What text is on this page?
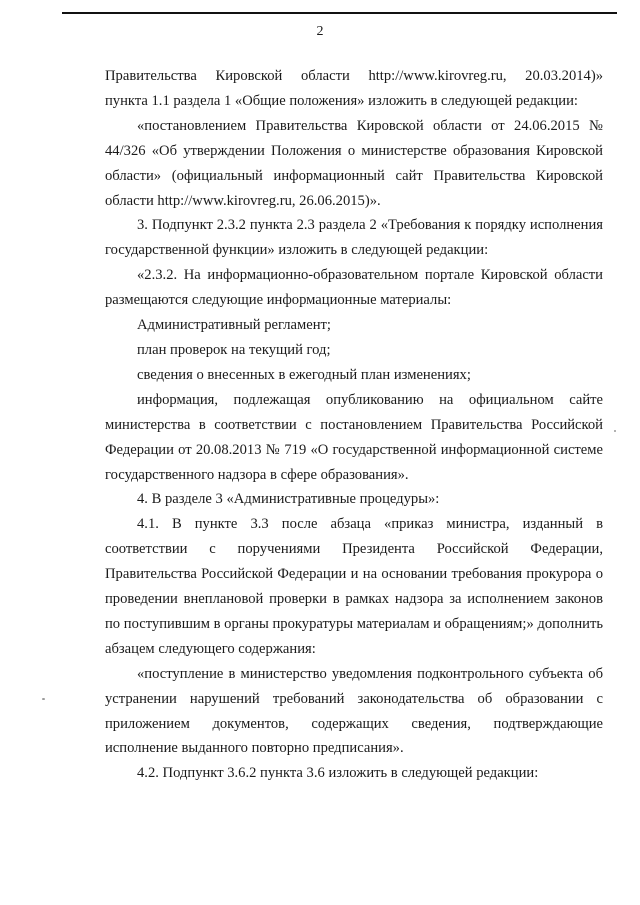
2

Правительства Кировской области http://www.kirovreg.ru, 20.03.2014)»

пункта 1.1 раздела 1 «Общие положения» изложить в следующей редакции:

«постановлением Правительства Кировской области от 24.06.2015 № 44/326 «Об утверждении Положения о министерстве образования Кировской области» (официальный информационный сайт Правительства Кировской области http://www.kirovreg.ru, 26.06.2015)».

3. Подпункт 2.3.2 пункта 2.3 раздела 2 «Требования к порядку исполнения государственной функции» изложить в следующей редакции:

«2.3.2. На информационно-образовательном портале Кировской области размещаются следующие информационные материалы:

Административный регламент;

план проверок на текущий год;

сведения о внесенных в ежегодный план изменениях;

информация, подлежащая опубликованию на официальном сайте министерства в соответствии с постановлением Правительства Российской Федерации от 20.08.2013 № 719 «О государственной информационной системе государственного надзора в сфере образования».

4. В разделе 3 «Административные процедуры»:

4.1. В пункте 3.3 после абзаца «приказ министра, изданный в соответствии с поручениями Президента Российской Федерации, Правительства Российской Федерации и на основании требования прокурора о проведении внеплановой проверки в рамках надзора за исполнением законов по поступившим в органы прокуратуры материалам и обращениям;» дополнить абзацем следующего содержания:

«поступление в министерство уведомления подконтрольного субъекта об устранении нарушений требований законодательства об образовании с приложением документов, содержащих сведения, подтверждающие исполнение выданного повторно предписания».

4.2. Подпункт 3.6.2 пункта 3.6 изложить в следующей редакции:
